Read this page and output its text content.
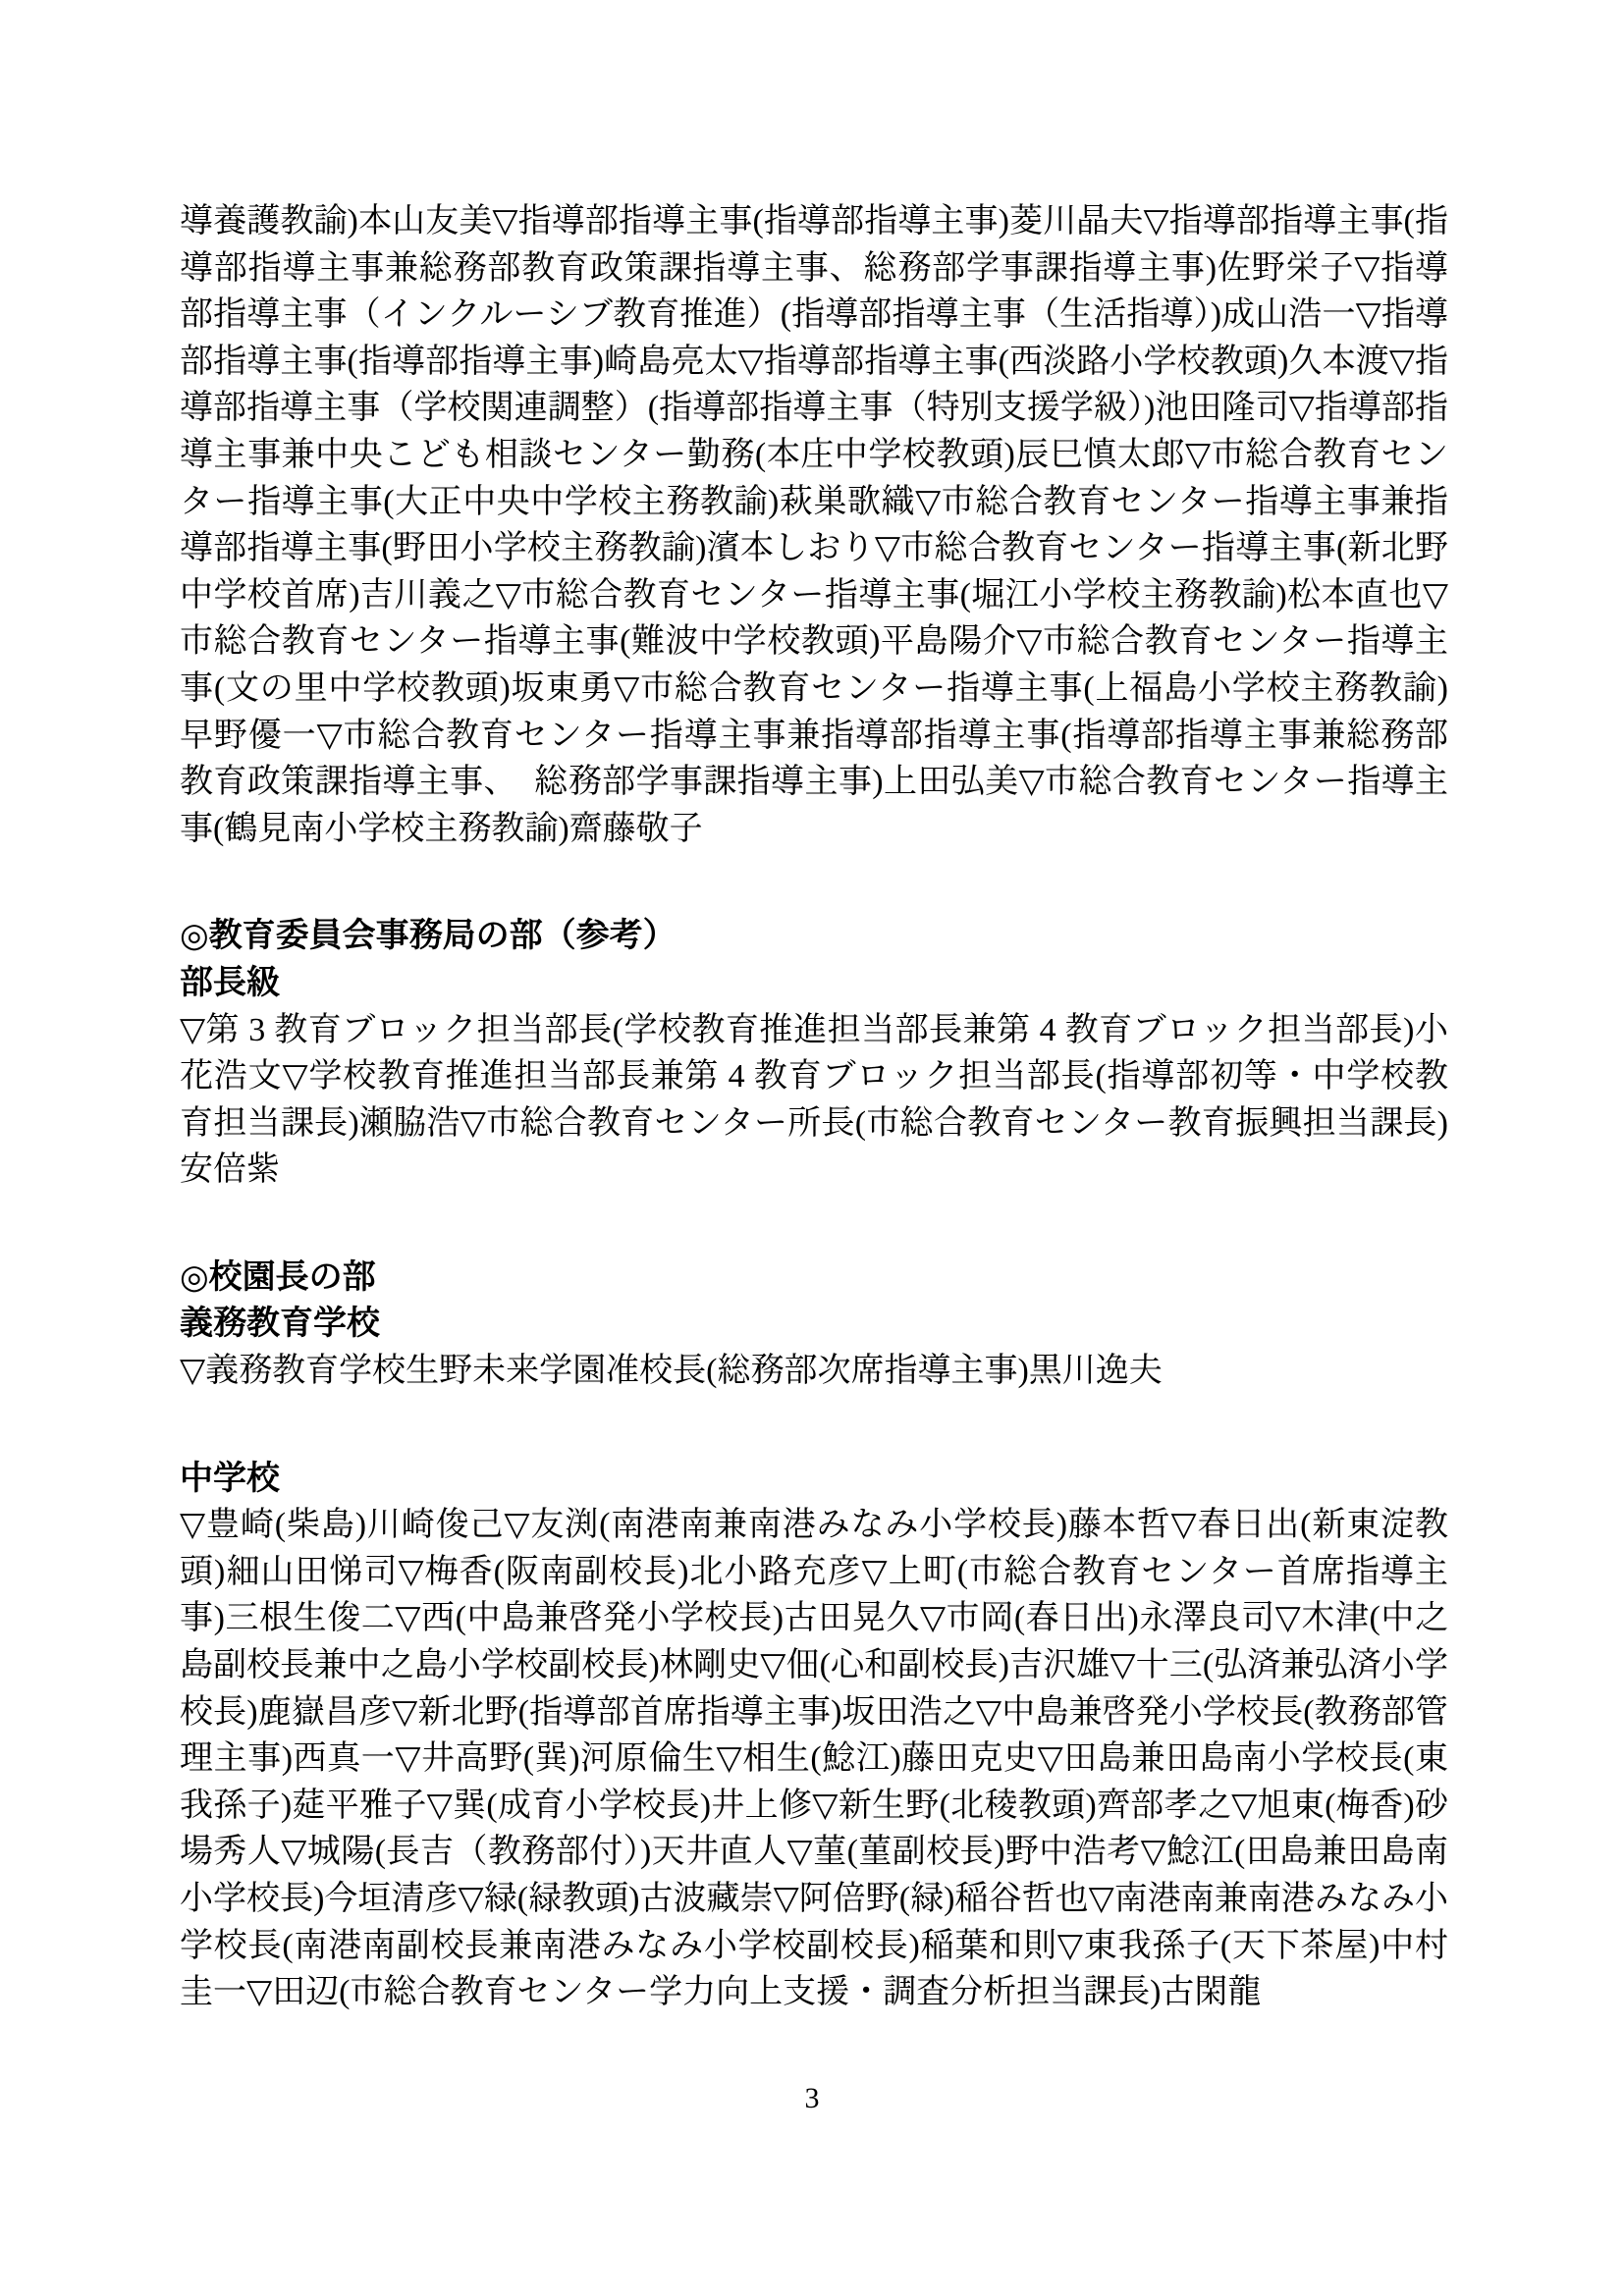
導養護教諭)本山友美▽指導部指導主事(指導部指導主事)菱川晶夫▽指導部指導主事(指導部指導主事兼総務部教育政策課指導主事、総務部学事課指導主事)佐野栄子▽指導部指導主事（インクルーシブ教育推進）(指導部指導主事（生活指導）)成山浩一▽指導部指導主事(指導部指導主事)崎島亮太▽指導部指導主事(西淡路小学校教頭)久本渡▽指導部指導主事（学校関連調整）(指導部指導主事（特別支援学級）)池田隆司▽指導部指導主事兼中央こども相談センター勤務(本庄中学校教頭)辰巳慎太郎▽市総合教育センター指導主事(大正中央中学校主務教諭)萩巣歌織▽市総合教育センター指導主事兼指導部指導主事(野田小学校主務教諭)濱本しおり▽市総合教育センター指導主事(新北野中学校首席)吉川義之▽市総合教育センター指導主事(堀江小学校主務教諭)松本直也▽市総合教育センター指導主事(難波中学校教頭)平島陽介▽市総合教育センター指導主事(文の里中学校教頭)坂東勇▽市総合教育センター指導主事(上福島小学校主務教諭)早野優一▽市総合教育センター指導主事兼指導部指導主事(指導部指導主事兼総務部教育政策課指導主事、　総務部学事課指導主事)上田弘美▽市総合教育センター指導主事(鶴見南小学校主務教諭)齋藤敬子

◎教育委員会事務局の部（参考）
部長級

▽第 3 教育ブロック担当部長(学校教育推進担当部長兼第 4 教育ブロック担当部長)小花浩文▽学校教育推進担当部長兼第 4 教育ブロック担当部長(指導部初等・中学校教育担当課長)瀬脇浩▽市総合教育センター所長(市総合教育センター教育振興担当課長)安倍紫

◎校園長の部
義務教育学校

▽義務教育学校生野未来学園准校長(総務部次席指導主事)黒川逸夫

中学校

▽豊崎(柴島)川崎俊己▽友渕(南港南兼南港みなみ小学校長)藤本哲▽春日出(新東淀教頭)細山田悌司▽梅香(阪南副校長)北小路充彦▽上町(市総合教育センター首席指導主事)三根生俊二▽西(中島兼啓発小学校長)古田晃久▽市岡(春日出)永澤良司▽木津(中之島副校長兼中之島小学校副校長)林剛史▽佃(心和副校長)吉沢雄▽十三(弘済兼弘済小学校長)鹿嶽昌彦▽新北野(指導部首席指導主事)坂田浩之▽中島兼啓発小学校長(教務部管理主事)西真一▽井高野(巽)河原倫生▽相生(鯰江)藤田克史▽田島兼田島南小学校長(東我孫子)莚平雅子▽巽(成育小学校長)井上修▽新生野(北稜教頭)齊部孝之▽旭東(梅香)砂場秀人▽城陽(長吉（教務部付）)天井直人▽菫(菫副校長)野中浩考▽鯰江(田島兼田島南小学校長)今垣清彦▽緑(緑教頭)古波藏崇▽阿倍野(緑)稲谷哲也▽南港南兼南港みなみ小学校長(南港南副校長兼南港みなみ小学校副校長)稲葉和則▽東我孫子(天下茶屋)中村圭一▽田辺(市総合教育センター学力向上支援・調査分析担当課長)古閑龍

3
